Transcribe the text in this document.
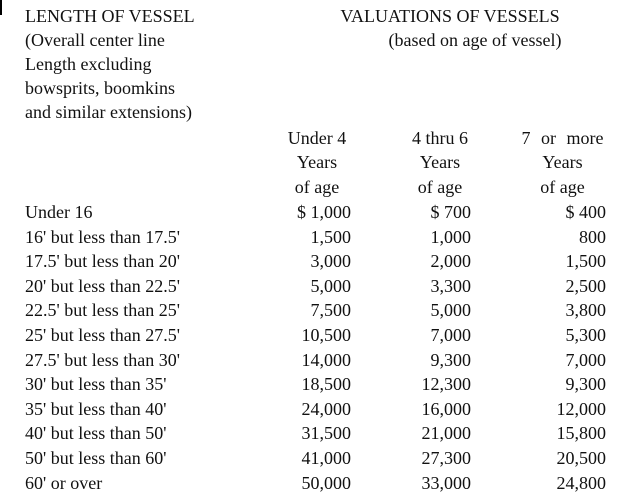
LENGTH OF VESSEL
(Overall center line
Length excluding
bowsprits, boomkins
and similar extensions)
VALUATIONS OF VESSELS
(based on age of vessel)
Under 4
Years
of age
4 thru 6
Years
of age
7 or more
Years
of age
Under 16	$ 1,000	$ 700	$ 400
16' but less than 17.5'	1,500	1,000	800
17.5' but less than 20'	3,000	2,000	1,500
20' but less than 22.5'	5,000	3,300	2,500
22.5' but less than 25'	7,500	5,000	3,800
25' but less than 27.5'	10,500	7,000	5,300
27.5' but less than 30'	14,000	9,300	7,000
30' but less than 35'	18,500	12,300	9,300
35' but less than 40'	24,000	16,000	12,000
40' but less than 50'	31,500	21,000	15,800
50' but less than 60'	41,000	27,300	20,500
60' or over	50,000	33,000	24,800
